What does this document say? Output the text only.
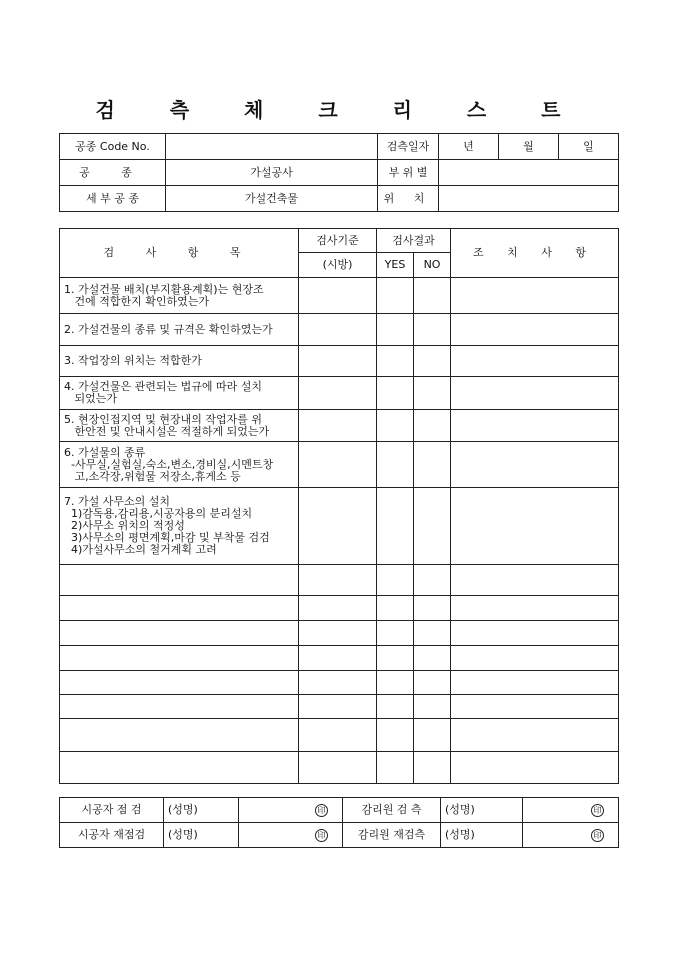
검 측 체 크 리 스 트
공종 Code No.		검측일자	년	월	일
공 종	가설공사	부 위 별			
세 부 공 종	가설건축물	위 치			
검 사 항 목	검사기준	검사결과		조 치 사 항
	(시방)	YES	NO	

1. 가설건물 배치(부지활용계획)는 현장조
건에 적합한지 확인하였는가				

2. 가설건물의 종류 및 규격은 확인하였는가				

3. 작업장의 위치는 적합한가				

4. 가설건물은 관련되는 법규에 따라 설치
되었는가				

5. 현장인접지역 및 현장내의 작업자를 위
한안전 및 안내시설은 적절하게 되었는가				

6. 가설물의 종류
-사무실,실험실,숙소,변소,경비실,시멘트창
고,소각장,위험물 저장소,휴게소 등				

7. 가설 사무소의 설치
1)감독용,감리용,시공자용의 분리설치
2)사무소 위치의 적정성
3)사무소의 평면계획,마감 및 부착물 검검
4)가설사무소의 철거계획 고려				

시공자 점 검	(성명)	印	감리원 검 측	(성명)	印
시공자 재점검	(성명)	印	감리원 재검측	(성명)	印
